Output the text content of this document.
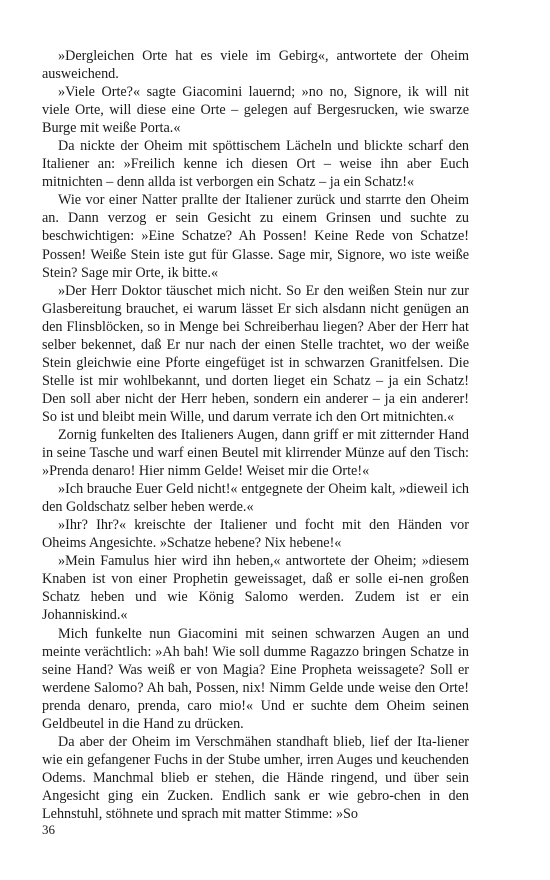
»Dergleichen Orte hat es viele im Gebirg«, antwortete der Oheim ausweichend.

»Viele Orte?« sagte Giacomini lauernd; »no no, Signore, ik will nit viele Orte, will diese eine Orte – gelegen auf Bergesrucken, wie swarze Burge mit weiße Porta.«

Da nickte der Oheim mit spöttischem Lächeln und blickte scharf den Italiener an: »Freilich kenne ich diesen Ort – weise ihn aber Euch mitnichten – denn allda ist verborgen ein Schatz – ja ein Schatz!«

Wie vor einer Natter prallte der Italiener zurück und starrte den Oheim an. Dann verzog er sein Gesicht zu einem Grinsen und suchte zu beschwichtigen: »Eine Schatze? Ah Possen! Keine Rede von Schatze! Possen! Weiße Stein iste gut für Glasse. Sage mir, Signore, wo iste weiße Stein? Sage mir Orte, ik bitte.«

»Der Herr Doktor täuschet mich nicht. So Er den weißen Stein nur zur Glasbereitung brauchet, ei warum lässet Er sich alsdann nicht genügen an den Flinsblöcken, so in Menge bei Schreiberhau liegen? Aber der Herr hat selber bekennet, daß Er nur nach der einen Stelle trachtet, wo der weiße Stein gleichwie eine Pforte eingefüget ist in schwarzen Granitfelsen. Die Stelle ist mir wohlbekannt, und dorten lieget ein Schatz – ja ein Schatz! Den soll aber nicht der Herr heben, sondern ein anderer – ja ein anderer! So ist und bleibt mein Wille, und darum verrate ich den Ort mitnichten.«

Zornig funkelten des Italieners Augen, dann griff er mit zitternder Hand in seine Tasche und warf einen Beutel mit klirrender Münze auf den Tisch: »Prenda denaro! Hier nimm Gelde! Weiset mir die Orte!«

»Ich brauche Euer Geld nicht!« entgegnete der Oheim kalt, »dieweil ich den Goldschatz selber heben werde.«

»Ihr? Ihr?« kreischte der Italiener und focht mit den Händen vor Oheims Angesichte. »Schatze hebene? Nix hebene!«

»Mein Famulus hier wird ihn heben,« antwortete der Oheim; »diesem Knaben ist von einer Prophetin geweissaget, daß er solle ei-nen großen Schatz heben und wie König Salomo werden. Zudem ist er ein Johanniskind.«

Mich funkelte nun Giacomini mit seinen schwarzen Augen an und meinte verächtlich: »Ah bah! Wie soll dumme Ragazzo bringen Schatze in seine Hand? Was weiß er von Magia? Eine Propheta weissagete? Soll er werdene Salomo? Ah bah, Possen, nix! Nimm Gelde unde weise den Orte! prenda denaro, prenda, caro mio!« Und er suchte dem Oheim seinen Geldbeutel in die Hand zu drücken.

Da aber der Oheim im Verschmähen standhaft blieb, lief der Ita-liener wie ein gefangener Fuchs in der Stube umher, irren Auges und keuchenden Odems. Manchmal blieb er stehen, die Hände ringend, und über sein Angesicht ging ein Zucken. Endlich sank er wie gebro-chen in den Lehnstuhl, stöhnete und sprach mit matter Stimme: »So

36
